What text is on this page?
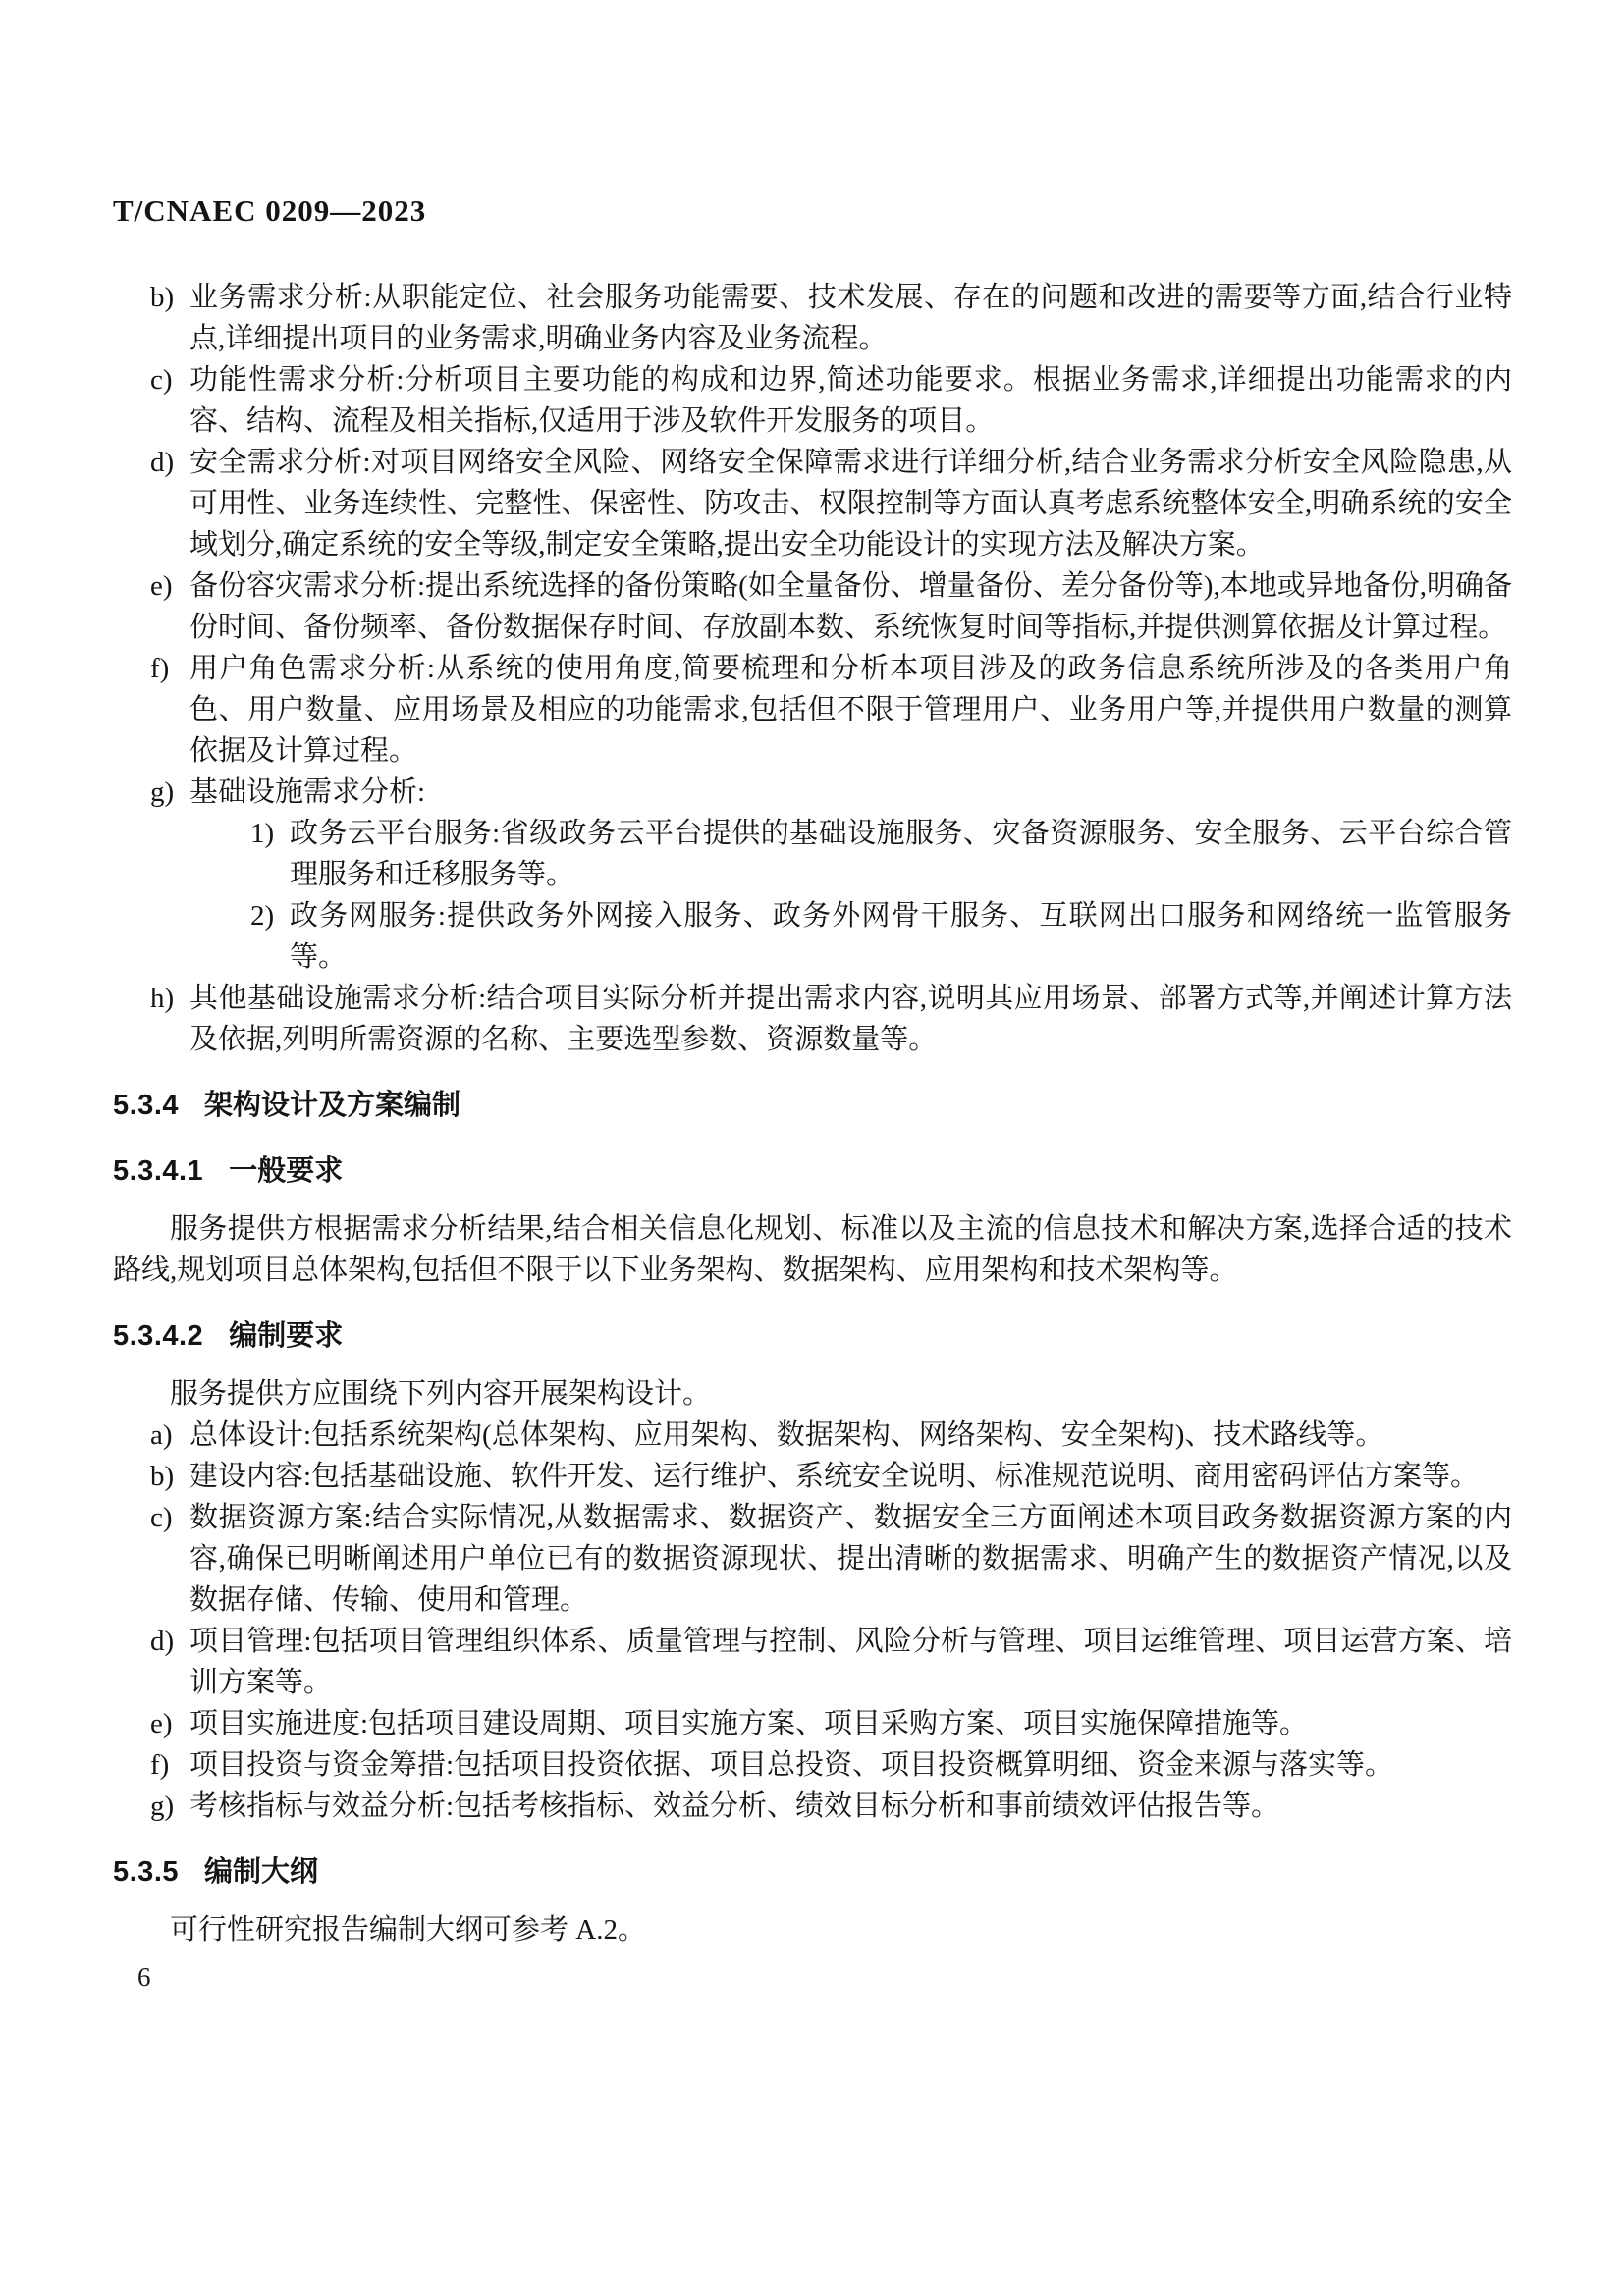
T/CNAEC 0209—2023
b) 业务需求分析:从职能定位、社会服务功能需要、技术发展、存在的问题和改进的需要等方面,结合行业特点,详细提出项目的业务需求,明确业务内容及业务流程。
c) 功能性需求分析:分析项目主要功能的构成和边界,简述功能要求。根据业务需求,详细提出功能需求的内容、结构、流程及相关指标,仅适用于涉及软件开发服务的项目。
d) 安全需求分析:对项目网络安全风险、网络安全保障需求进行详细分析,结合业务需求分析安全风险隐患,从可用性、业务连续性、完整性、保密性、防攻击、权限控制等方面认真考虑系统整体安全,明确系统的安全域划分,确定系统的安全等级,制定安全策略,提出安全功能设计的实现方法及解决方案。
e) 备份容灾需求分析:提出系统选择的备份策略(如全量备份、增量备份、差分备份等),本地或异地备份,明确备份时间、备份频率、备份数据保存时间、存放副本数、系统恢复时间等指标,并提供测算依据及计算过程。
f) 用户角色需求分析:从系统的使用角度,简要梳理和分析本项目涉及的政务信息系统所涉及的各类用户角色、用户数量、应用场景及相应的功能需求,包括但不限于管理用户、业务用户等,并提供用户数量的测算依据及计算过程。
g) 基础设施需求分析:
1) 政务云平台服务:省级政务云平台提供的基础设施服务、灾备资源服务、安全服务、云平台综合管理服务和迁移服务等。
2) 政务网服务:提供政务外网接入服务、政务外网骨干服务、互联网出口服务和网络统一监管服务等。
h) 其他基础设施需求分析:结合项目实际分析并提出需求内容,说明其应用场景、部署方式等,并阐述计算方法及依据,列明所需资源的名称、主要选型参数、资源数量等。
5.3.4 架构设计及方案编制
5.3.4.1 一般要求

服务提供方根据需求分析结果,结合相关信息化规划、标准以及主流的信息技术和解决方案,选择合适的技术路线,规划项目总体架构,包括但不限于以下业务架构、数据架构、应用架构和技术架构等。

5.3.4.2 编制要求

服务提供方应围绕下列内容开展架构设计。

a) 总体设计:包括系统架构(总体架构、应用架构、数据架构、网络架构、安全架构)、技术路线等。
b) 建设内容:包括基础设施、软件开发、运行维护、系统安全说明、标准规范说明、商用密码评估方案等。
c) 数据资源方案:结合实际情况,从数据需求、数据资产、数据安全三方面阐述本项目政务数据资源方案的内容,确保已明晰阐述用户单位已有的数据资源现状、提出清晰的数据需求、明确产生的数据资产情况,以及数据存储、传输、使用和管理。
d) 项目管理:包括项目管理组织体系、质量管理与控制、风险分析与管理、项目运维管理、项目运营方案、培训方案等。
e) 项目实施进度:包括项目建设周期、项目实施方案、项目采购方案、项目实施保障措施等。
f) 项目投资与资金筹措:包括项目投资依据、项目总投资、项目投资概算明细、资金来源与落实等。
g) 考核指标与效益分析:包括考核指标、效益分析、绩效目标分析和事前绩效评估报告等。
5.3.5 编制大纲

可行性研究报告编制大纲可参考 A.2。

6
